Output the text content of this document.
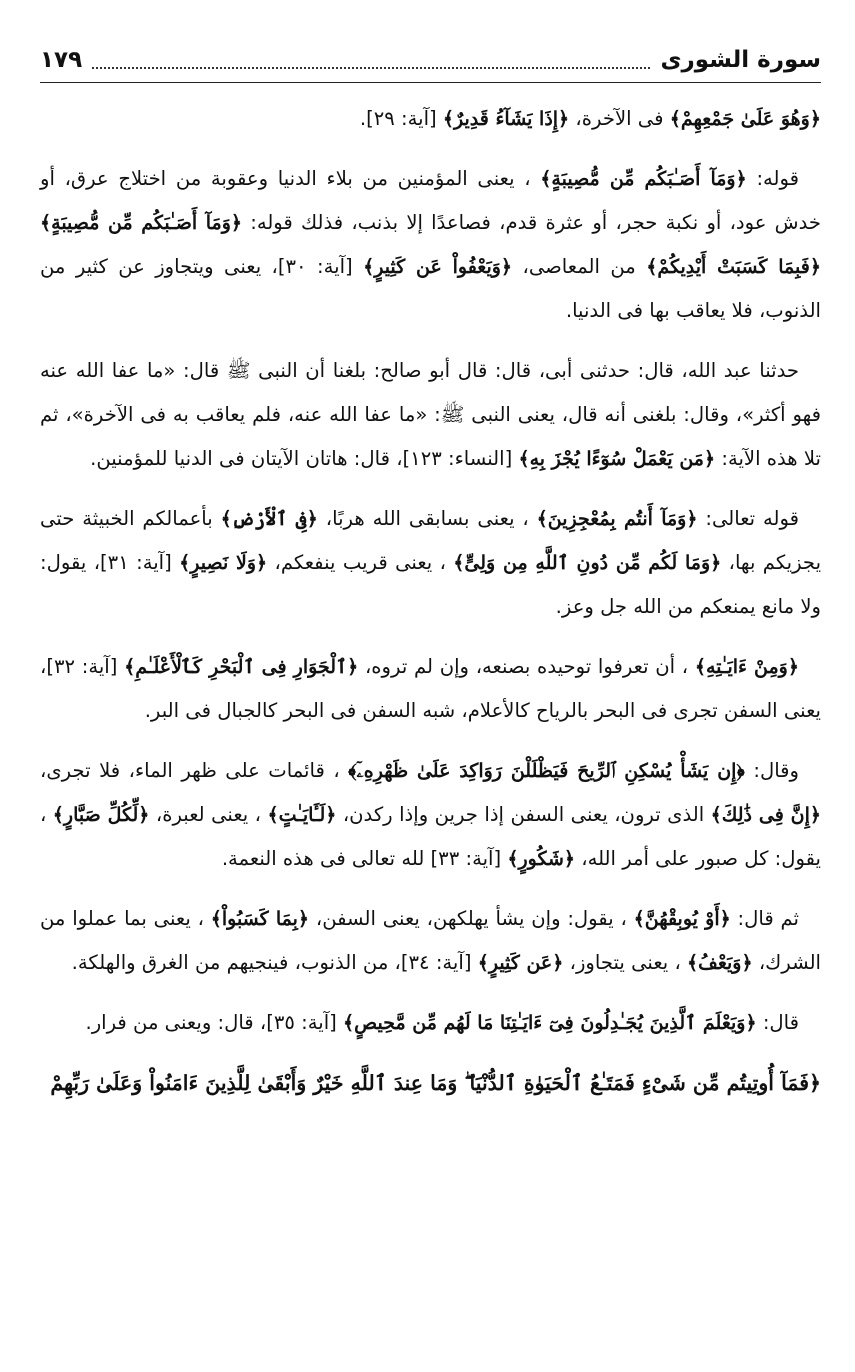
سورة الشورى
١٧٩

﴿وَهُوَ عَلَىٰ جَمْعِهِمْ﴾ فى الآخرة، ﴿إِذَا يَشَآءُ قَدِيرٌ﴾ [آية: ٢٩].

قوله: ﴿وَمَآ أَصَـٰبَكُم مِّن مُّصِيبَةٍ﴾ ، يعنى المؤمنين من بلاء الدنيا وعقوبة من اختلاج عرق، أو خدش عود، أو نكبة حجر، أو عثرة قدم، فصاعدًا إلا بذنب، فذلك قوله: ﴿وَمَآ أَصَـٰبَكُم مِّن مُّصِيبَةٍ﴾ ﴿فَبِمَا كَسَبَتْ أَيْدِيكُمْ﴾ من المعاصى، ﴿وَيَعْفُواْ عَن كَثِيرٍ﴾ [آية: ٣٠]، يعنى ويتجاوز عن كثير من الذنوب، فلا يعاقب بها فى الدنيا.

حدثنا عبد الله، قال: حدثنى أبى، قال: قال أبو صالح: بلغنا أن النبى ﷺ قال: «ما عفا الله عنه فهو أكثر»، وقال: بلغنى أنه قال، يعنى النبى ﷺ: «ما عفا الله عنه، فلم يعاقب به فى الآخرة»، ثم تلا هذه الآية: ﴿مَن يَعْمَلْ سُوٓءًا يُجْزَ بِهِ﴾ [النساء: ١٢٣]، قال: هاتان الآيتان فى الدنيا للمؤمنين.

قوله تعالى: ﴿وَمَآ أَنتُم بِمُعْجِزِينَ﴾ ، يعنى بسابقى الله هربًا، ﴿فِى ٱلْأَرْضِ﴾ بأعمالكم الخبيثة حتى يجزيكم بها، ﴿وَمَا لَكُم مِّن دُونِ ٱللَّهِ مِن وَلِىٍّ﴾ ، يعنى قريب ينفعكم، ﴿وَلَا نَصِيرٍ﴾ [آية: ٣١]، يقول: ولا مانع يمنعكم من الله جل وعز.

﴿وَمِنْ ءَايَـٰتِهِ﴾ ، أن تعرفوا توحيده بصنعه، وإن لم تروه، ﴿ٱلْجَوَارِ فِى ٱلْبَحْرِ كَٱلْأَعْلَـٰمِ﴾ [آية: ٣٢]، يعنى السفن تجرى فى البحر بالرياح كالأعلام، شبه السفن فى البحر كالجبال فى البر.

وقال: ﴿إِن يَشَأْ يُسْكِنِ ٱلرِّيحَ فَيَظْلَلْنَ رَوَاكِدَ عَلَىٰ ظَهْرِهِۦٓ﴾ ، قائمات على ظهر الماء، فلا تجرى، ﴿إِنَّ فِى ذَٰلِكَ﴾ الذى ترون، يعنى السفن إذا جرين وإذا ركدن، ﴿لَـَٔايَـٰتٍ﴾ ، يعنى لعبرة، ﴿لِّكُلِّ صَبَّارٍ﴾ ، يقول: كل صبور على أمر الله، ﴿شَكُورٍ﴾ [آية: ٣٣] لله تعالى فى هذه النعمة.

ثم قال: ﴿أَوْ يُوبِقْهُنَّ﴾ ، يقول: وإن يشأ يهلكهن، يعنى السفن، ﴿بِمَا كَسَبُواْ﴾ ، يعنى بما عملوا من الشرك، ﴿وَيَعْفُ﴾ ، يعنى يتجاوز، ﴿عَن كَثِيرٍ﴾ [آية: ٣٤]، من الذنوب، فينجيهم من الغرق والهلكة.

قال: ﴿وَيَعْلَمَ ٱلَّذِينَ يُجَـٰدِلُونَ فِىٓ ءَايَـٰتِنَا مَا لَهُم مِّن مَّحِيصٍ﴾ [آية: ٣٥]، قال: ويعنى من فرار.

﴿فَمَآ أُوتِيتُم مِّن شَىْءٍ فَمَتَـٰعُ ٱلْحَيَوٰةِ ٱلدُّنْيَا ۖ وَمَا عِندَ ٱللَّهِ خَيْرٌ وَأَبْقَىٰ لِلَّذِينَ ءَامَنُواْ وَعَلَىٰ رَبِّهِمْ
